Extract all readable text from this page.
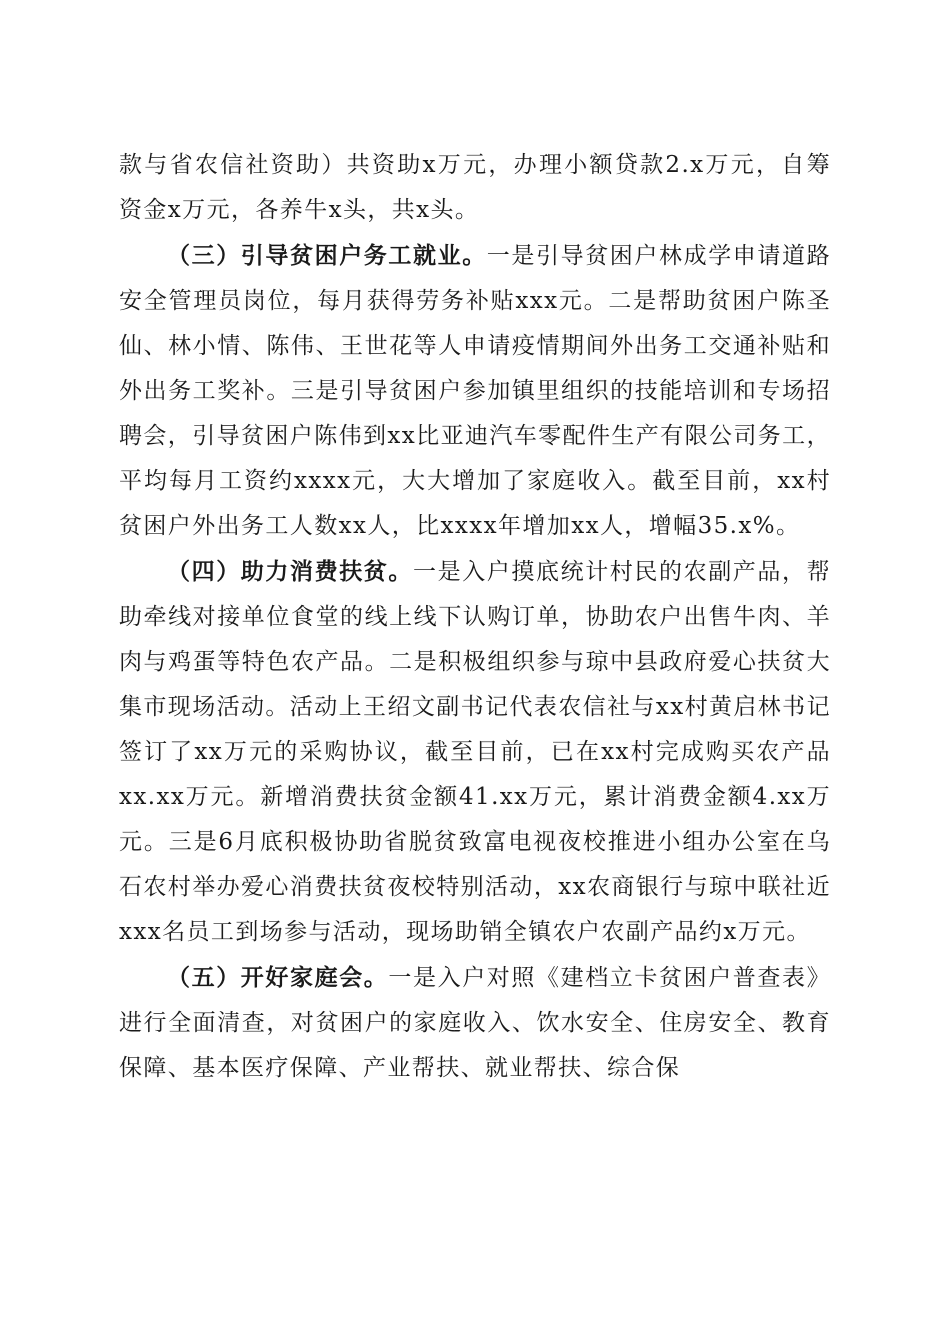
款与省农信社资助）共资助x万元，办理小额贷款2.x万元，自筹资金x万元，各养牛x头，共x头。

（三）引导贫困户务工就业。一是引导贫困户林成学申请道路安全管理员岗位，每月获得劳务补贴xxx元。二是帮助贫困户陈圣仙、林小情、陈伟、王世花等人申请疫情期间外出务工交通补贴和外出务工奖补。三是引导贫困户参加镇里组织的技能培训和专场招聘会，引导贫困户陈伟到xx比亚迪汽车零配件生产有限公司务工，平均每月工资约xxxx元，大大增加了家庭收入。截至目前，xx村贫困户外出务工人数xx人，比xxxx年增加xx人，增幅35.x%。

（四）助力消费扶贫。一是入户摸底统计村民的农副产品，帮助牵线对接单位食堂的线上线下认购订单，协助农户出售牛肉、羊肉与鸡蛋等特色农产品。二是积极组织参与琼中县政府爱心扶贫大集市现场活动。活动上王绍文副书记代表农信社与xx村黄启林书记签订了xx万元的采购协议，截至目前，已在xx村完成购买农产品xx.xx万元。新增消费扶贫金额41.xx万元，累计消费金额4.xx万元。三是6月底积极协助省脱贫致富电视夜校推进小组办公室在乌石农村举办爱心消费扶贫夜校特别活动，xx农商银行与琼中联社近xxx名员工到场参与活动，现场助销全镇农户农副产品约x万元。

（五）开好家庭会。一是入户对照《建档立卡贫困户普查表》进行全面清查，对贫困户的家庭收入、饮水安全、住房安全、教育保障、基本医疗保障、产业帮扶、就业帮扶、综合保
